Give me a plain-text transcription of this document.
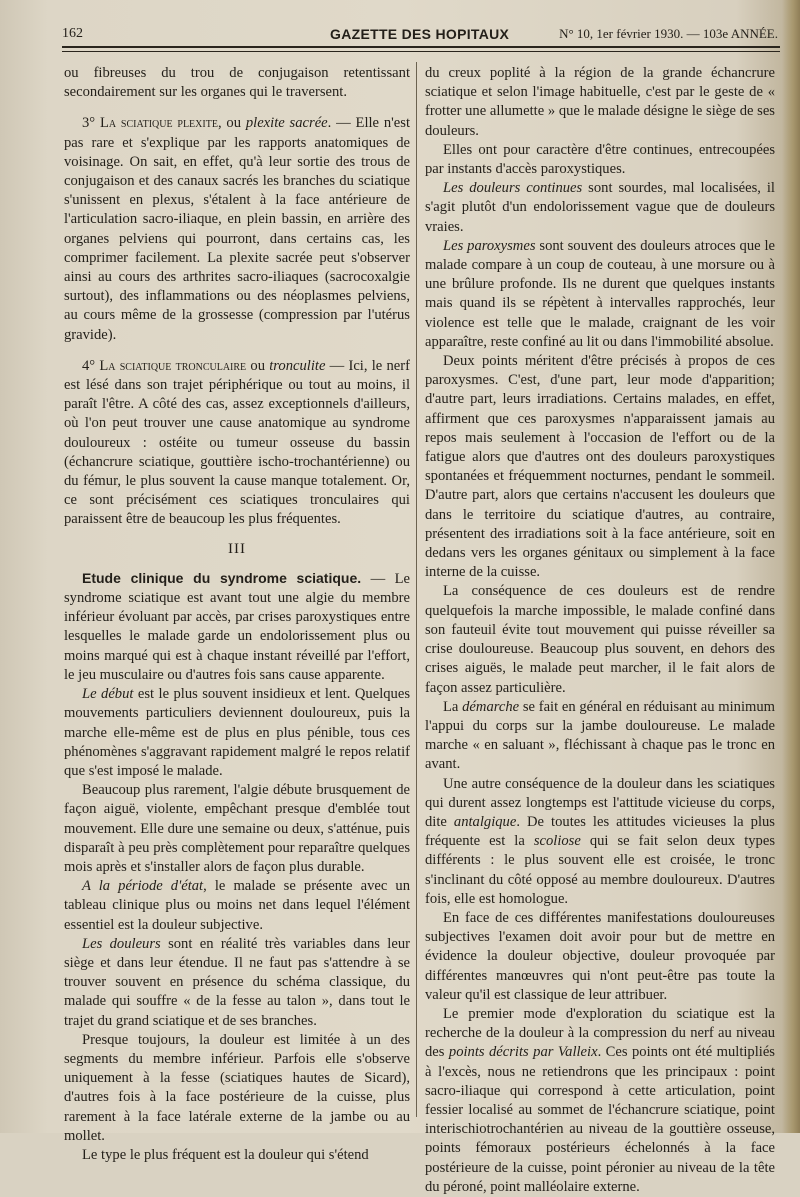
162	GAZETTE DES HOPITAUX	N° 10, 1er février 1930. — 103e ANNÉE.

ou fibreuses du trou de conjugaison retentissant secondairement sur les organes qui le traversent.

3° La sciatique plexite, ou plexite sacrée. — Elle n'est pas rare et s'explique par les rapports anatomiques de voisinage. On sait, en effet, qu'à leur sortie des trous de conjugaison et des canaux sacrés les branches du sciatique s'unissent en plexus, s'étalent à la face antérieure de l'articulation sacro-iliaque, en plein bassin, en arrière des organes pelviens qui pourront, dans certains cas, les comprimer facilement. La plexite sacrée peut s'observer ainsi au cours des arthrites sacro-iliaques (sacrocoxalgie surtout), des inflammations ou des néoplasmes pelviens, au cours même de la grossesse (compression par l'utérus gravide).

4° La sciatique tronculaire ou tronculite — Ici, le nerf est lésé dans son trajet périphérique ou tout au moins, il paraît l'être. A côté des cas, assez exceptionnels d'ailleurs, où l'on peut trouver une cause anatomique au syndrome douloureux : ostéite ou tumeur osseuse du bassin (échancrure sciatique, gouttière ischo-trochantérienne) ou du fémur, le plus souvent la cause manque totalement. Or, ce sont précisément ces sciatiques tronculaires qui paraissent être de beaucoup les plus fréquentes.

III

Etude clinique du syndrome sciatique. — Le syndrome sciatique est avant tout une algie du membre inférieur évoluant par accès, par crises paroxystiques entre lesquelles le malade garde un endolorissement plus ou moins marqué qui est à chaque instant réveillé par l'effort, le jeu musculaire ou d'autres fois sans cause apparente.

Le début est le plus souvent insidieux et lent. Quelques mouvements particuliers deviennent douloureux, puis la marche elle-même est de plus en plus pénible, tous ces phénomènes s'aggravant rapidement malgré le repos relatif que s'est imposé le malade.

Beaucoup plus rarement, l'algie débute brusquement de façon aiguë, violente, empêchant presque d'emblée tout mouvement. Elle dure une semaine ou deux, s'atténue, puis disparaît à peu près complètement pour reparaître quelques mois après et s'installer alors de façon plus durable.

A la période d'état, le malade se présente avec un tableau clinique plus ou moins net dans lequel l'élément essentiel est la douleur subjective.

Les douleurs sont en réalité très variables dans leur siège et dans leur étendue. Il ne faut pas s'attendre à se trouver souvent en présence du schéma classique, du malade qui souffre « de la fesse au talon », dans tout le trajet du grand sciatique et de ses branches.

Presque toujours, la douleur est limitée à un des segments du membre inférieur. Parfois elle s'observe uniquement à la fesse (sciatiques hautes de Sicard), d'autres fois à la face postérieure de la cuisse, plus rarement à la face latérale externe de la jambe ou au mollet.

Le type le plus fréquent est la douleur qui s'étend

du creux poplité à la région de la grande échancrure sciatique et selon l'image habituelle, c'est par le geste de « frotter une allumette » que le malade désigne le siège de ses douleurs.

Elles ont pour caractère d'être continues, entrecoupées par instants d'accès paroxystiques.

Les douleurs continues sont sourdes, mal localisées, il s'agit plutôt d'un endolorissement vague que de douleurs vraies.

Les paroxysmes sont souvent des douleurs atroces que le malade compare à un coup de couteau, à une morsure ou à une brûlure profonde. Ils ne durent que quelques instants mais quand ils se répètent à intervalles rapprochés, leur violence est telle que le malade, craignant de les voir apparaître, reste confiné au lit ou dans l'immobilité absolue.

Deux points méritent d'être précisés à propos de ces paroxysmes. C'est, d'une part, leur mode d'apparition; d'autre part, leurs irradiations. Certains malades, en effet, affirment que ces paroxysmes n'apparaissent jamais au repos mais seulement à l'occasion de l'effort ou de la fatigue alors que d'autres ont des douleurs paroxystiques spontanées et fréquemment nocturnes, pendant le sommeil. D'autre part, alors que certains n'accusent les douleurs que dans le territoire du sciatique d'autres, au contraire, présentent des irradiations soit à la face antérieure, soit en dedans vers les organes génitaux ou simplement à la face interne de la cuisse.

La conséquence de ces douleurs est de rendre quelquefois la marche impossible, le malade confiné dans son fauteuil évite tout mouvement qui puisse réveiller sa crise douloureuse. Beaucoup plus souvent, en dehors des crises aiguës, le malade peut marcher, il le fait alors de façon assez particulière.

La démarche se fait en général en réduisant au minimum l'appui du corps sur la jambe douloureuse. Le malade marche « en saluant », fléchissant à chaque pas le tronc en avant.

Une autre conséquence de la douleur dans les sciatiques qui durent assez longtemps est l'attitude vicieuse du corps, dite antalgique. De toutes les attitudes vicieuses la plus fréquente est la scoliose qui se fait selon deux types différents : le plus souvent elle est croisée, le tronc s'inclinant du côté opposé au membre douloureux. D'autres fois, elle est homologue.

En face de ces différentes manifestations douloureuses subjectives l'examen doit avoir pour but de mettre en évidence la douleur objective, douleur provoquée par différentes manœuvres qui n'ont peut-être pas toute la valeur qu'il est classique de leur attribuer.

Le premier mode d'exploration du sciatique est la recherche de la douleur à la compression du nerf au niveau des points décrits par Valleix. Ces points ont été multipliés à l'excès, nous ne retiendrons que les principaux : point sacro-iliaque qui correspond à cette articulation, point fessier localisé au sommet de l'échancrure sciatique, point interischiotrochantérien au niveau de la gouttière osseuse, points fémoraux postérieurs échelonnés à la face postérieure de la cuisse, point péronier au niveau de la tête du péroné, point malléolaire externe.
